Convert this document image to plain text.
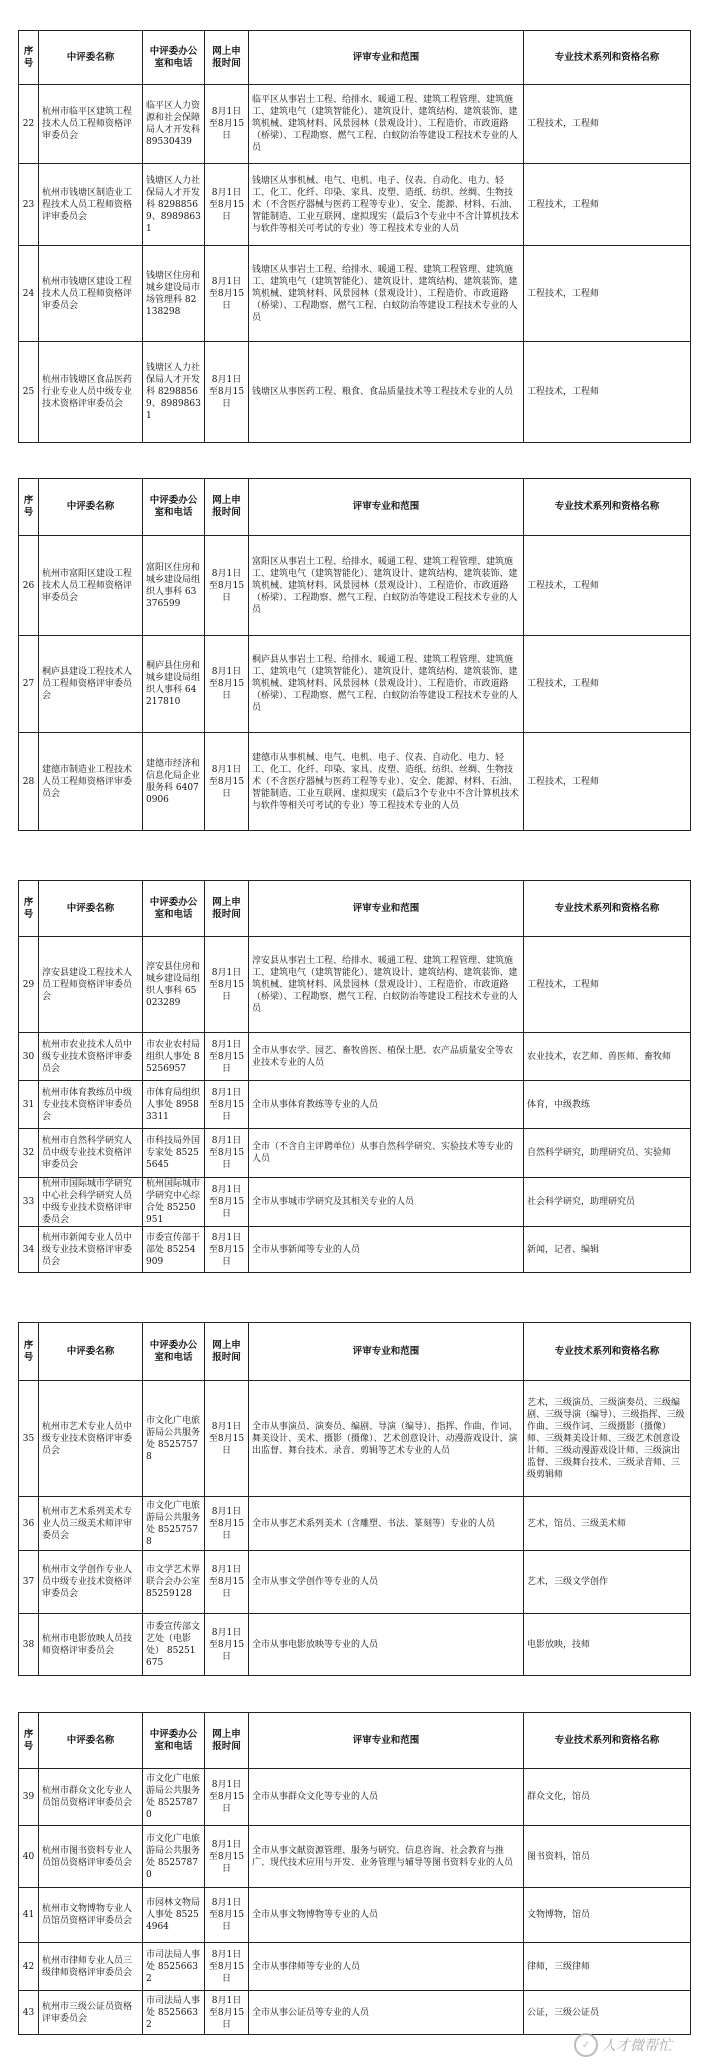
序号	中评委名称	中评委办公室和电话	网上申报时间	评审专业和范围	专业技术系列和资格名称
22	杭州市临平区建筑工程技术人员工程师资格评审委员会	临平区人力资源和社会保障局人才开发科 89530439	8月1日至8月15日	临平区从事岩土工程、给排水、暖通工程、建筑工程管理、建筑施工、建筑电气（建筑智能化）、建筑设计、建筑结构、建筑装饰、建筑机械、建筑材料、风景园林（景观设计）、工程造价、市政道路（桥梁）、工程勘察、燃气工程、白蚁防治等建设工程技术专业的人员	工程技术，工程师
23	杭州市钱塘区制造业工程技术人员工程师资格评审委员会	钱塘区人力社保局人才开发科 82988569、89898631	8月1日至8月15日	钱塘区从事机械、电气、电机、电子、仪表、自动化、电力、轻工、化工、化纤、印染、家具、皮塑、造纸、纺织、丝绸、生物技术（不含医疗器械与医药工程等专业）、安全、能源、材料、石油、智能制造、工业互联网、虚拟现实（最后3个专业中不含计算机技术与软件等相关可考试的专业）等工程技术专业的人员	工程技术，工程师
24	杭州市钱塘区建设工程技术人员工程师资格评审委员会	钱塘区住房和城乡建设局市场管理科 82138298	8月1日至8月15日	钱塘区从事岩土工程、给排水、暖通工程、建筑工程管理、建筑施工、建筑电气（建筑智能化）、建筑设计、建筑结构、建筑装饰、建筑机械、建筑材料、风景园林（景观设计）、工程造价、市政道路（桥梁）、工程勘察、燃气工程、白蚁防治等建设工程技术专业的人员	工程技术，工程师
25	杭州市钱塘区食品医药行业专业人员中级专业技术资格评审委员会	钱塘区人力社保局人才开发科 82988569、89898631	8月1日至8月15日	钱塘区从事医药工程、粮食、食品质量技术等工程技术专业的人员	工程技术，工程师
序号	中评委名称	中评委办公室和电话	网上申报时间	评审专业和范围	专业技术系列和资格名称
26	杭州市富阳区建设工程技术人员工程师资格评审委员会	富阳区住房和城乡建设局组织人事科 63376599	8月1日至8月15日	富阳区从事岩土工程、给排水、暖通工程、建筑工程管理、建筑施工、建筑电气（建筑智能化）、建筑设计、建筑结构、建筑装饰、建筑机械、建筑材料、风景园林（景观设计）、工程造价、市政道路（桥梁）、工程勘察、燃气工程、白蚁防治等建设工程技术专业的人员	工程技术，工程师
27	桐庐县建设工程技术人员工程师资格评审委员会	桐庐县住房和城乡建设局组织人事科 64217810	8月1日至8月15日	桐庐县从事岩土工程、给排水、暖通工程、建筑工程管理、建筑施工、建筑电气（建筑智能化）、建筑设计、建筑结构、建筑装饰、建筑机械、建筑材料、风景园林（景观设计）、工程造价、市政道路（桥梁）、工程勘察、燃气工程、白蚁防治等建设工程技术专业的人员	工程技术，工程师
28	建德市制造业工程技术人员工程师资格评审委员会	建德市经济和信息化局企业服务科 64070906	8月1日至8月15日	建德市从事机械、电气、电机、电子、仪表、自动化、电力、轻工、化工、化纤、印染、家具、皮塑、造纸、纺织、丝绸、生物技术（不含医疗器械与医药工程等专业）、安全、能源、材料、石油、智能制造、工业互联网、虚拟现实（最后3个专业中不含计算机技术与软件等相关可考试的专业）等工程技术专业的人员	工程技术，工程师
序号	中评委名称	中评委办公室和电话	网上申报时间	评审专业和范围	专业技术系列和资格名称
29	淳安县建设工程技术人员工程师资格评审委员会	淳安县住房和城乡建设局组织人事科 65023289	8月1日至8月15日	淳安县从事岩土工程、给排水、暖通工程、建筑工程管理、建筑施工、建筑电气（建筑智能化）、建筑设计、建筑结构、建筑装饰、建筑机械、建筑材料、风景园林（景观设计）、工程造价、市政道路（桥梁）、工程勘察、燃气工程、白蚁防治等建设工程技术专业的人员	工程技术，工程师
30	杭州市农业技术人员中级专业技术资格评审委员会	市农业农村局组织人事处 85256957	8月1日至8月15日	全市从事农学、园艺、畜牧兽医、植保土肥、农产品质量安全等农业技术专业的人员	农业技术，农艺师、兽医师、畜牧师
31	杭州市体育教练员中级专业技术资格评审委员会	市体育局组织人事处 89583311	8月1日至8月15日	全市从事体育教练等专业的人员	体育，中级教练
32	杭州市自然科学研究人员中级专业技术资格评审委员会	市科技局外国专家处 85255645	8月1日至8月15日	全市（不含自主评聘单位）从事自然科学研究、实验技术等专业的人员	自然科学研究，助理研究员、实验师
33	杭州市国际城市学研究中心社会科学研究人员中级专业技术资格评审委员会	杭州国际城市学研究中心综合处 85250951	8月1日至8月15日	全市从事城市学研究及其相关专业的人员	社会科学研究，助理研究员
34	杭州市新闻专业人员中级专业技术资格评审委员会	市委宣传部干部处 85254909	8月1日至8月15日	全市从事新闻等专业的人员	新闻，记者、编辑
序号	中评委名称	中评委办公室和电话	网上申报时间	评审专业和范围	专业技术系列和资格名称
35	杭州市艺术专业人员中级专业技术资格评审委员会	市文化广电旅游局公共服务处 85257578	8月1日至8月15日	全市从事演员、演奏员、编剧、导演（编导）、指挥、作曲、作词、舞美设计、美术、摄影（摄像）、艺术创意设计、动漫游戏设计、演出监督、舞台技术、录音、剪辑等艺术专业的人员	艺术，三级演员、三级演奏员、三级编剧、三级导演（编导）、三级指挥、三级作曲、三级作词、三级摄影（摄像）师、三级舞美设计师、三级艺术创意设计师、三级动漫游戏设计师、三级演出监督、三级舞台技术、三级录音师、三级剪辑师
36	杭州市艺术系列美术专业人员三级美术师评审委员会	市文化广电旅游局公共服务处 85257578	8月1日至8月15日	全市从事艺术系列美术（含雕塑、书法、篆刻等）专业的人员	艺术，馆员、三级美术师
37	杭州市文学创作专业人员中级专业技术资格评审委员会	市文学艺术界联合会办公室 85259128	8月1日至8月15日	全市从事文学创作等专业的人员	艺术，三级文学创作
38	杭州市电影放映人员技师资格评审委员会	市委宣传部文艺处（电影处） 85251675	8月1日至8月15日	全市从事电影放映等专业的人员	电影放映，技师
序号	中评委名称	中评委办公室和电话	网上申报时间	评审专业和范围	专业技术系列和资格名称
39	杭州市群众文化专业人员馆员资格评审委员会	市文化广电旅游局公共服务处 85257870	8月1日至8月15日	全市从事群众文化等专业的人员	群众文化，馆员
40	杭州市图书资料专业人员馆员资格评审委员会	市文化广电旅游局公共服务处 85257870	8月1日至8月15日	全市从事文献资源管理、服务与研究、信息咨询、社会教育与推广、现代技术应用与开发、业务管理与辅导等图书资料专业的人员	图书资料，馆员
41	杭州市文物博物专业人员馆员资格评审委员会	市园林文物局人事处 85254964	8月1日至8月15日	全市从事文物博物等专业的人员	文物博物，馆员
42	杭州市律师专业人员三级律师资格评审委员会	市司法局人事处 85256632	8月1日至8月15日	全市从事律师等专业的人员	律师，三级律师
43	杭州市三级公证员资格评审委员会	市司法局人事处 85256632	8月1日至8月15日	全市从事公证员等专业的人员	公证，三级公证员
✓ 人才微帮忙
